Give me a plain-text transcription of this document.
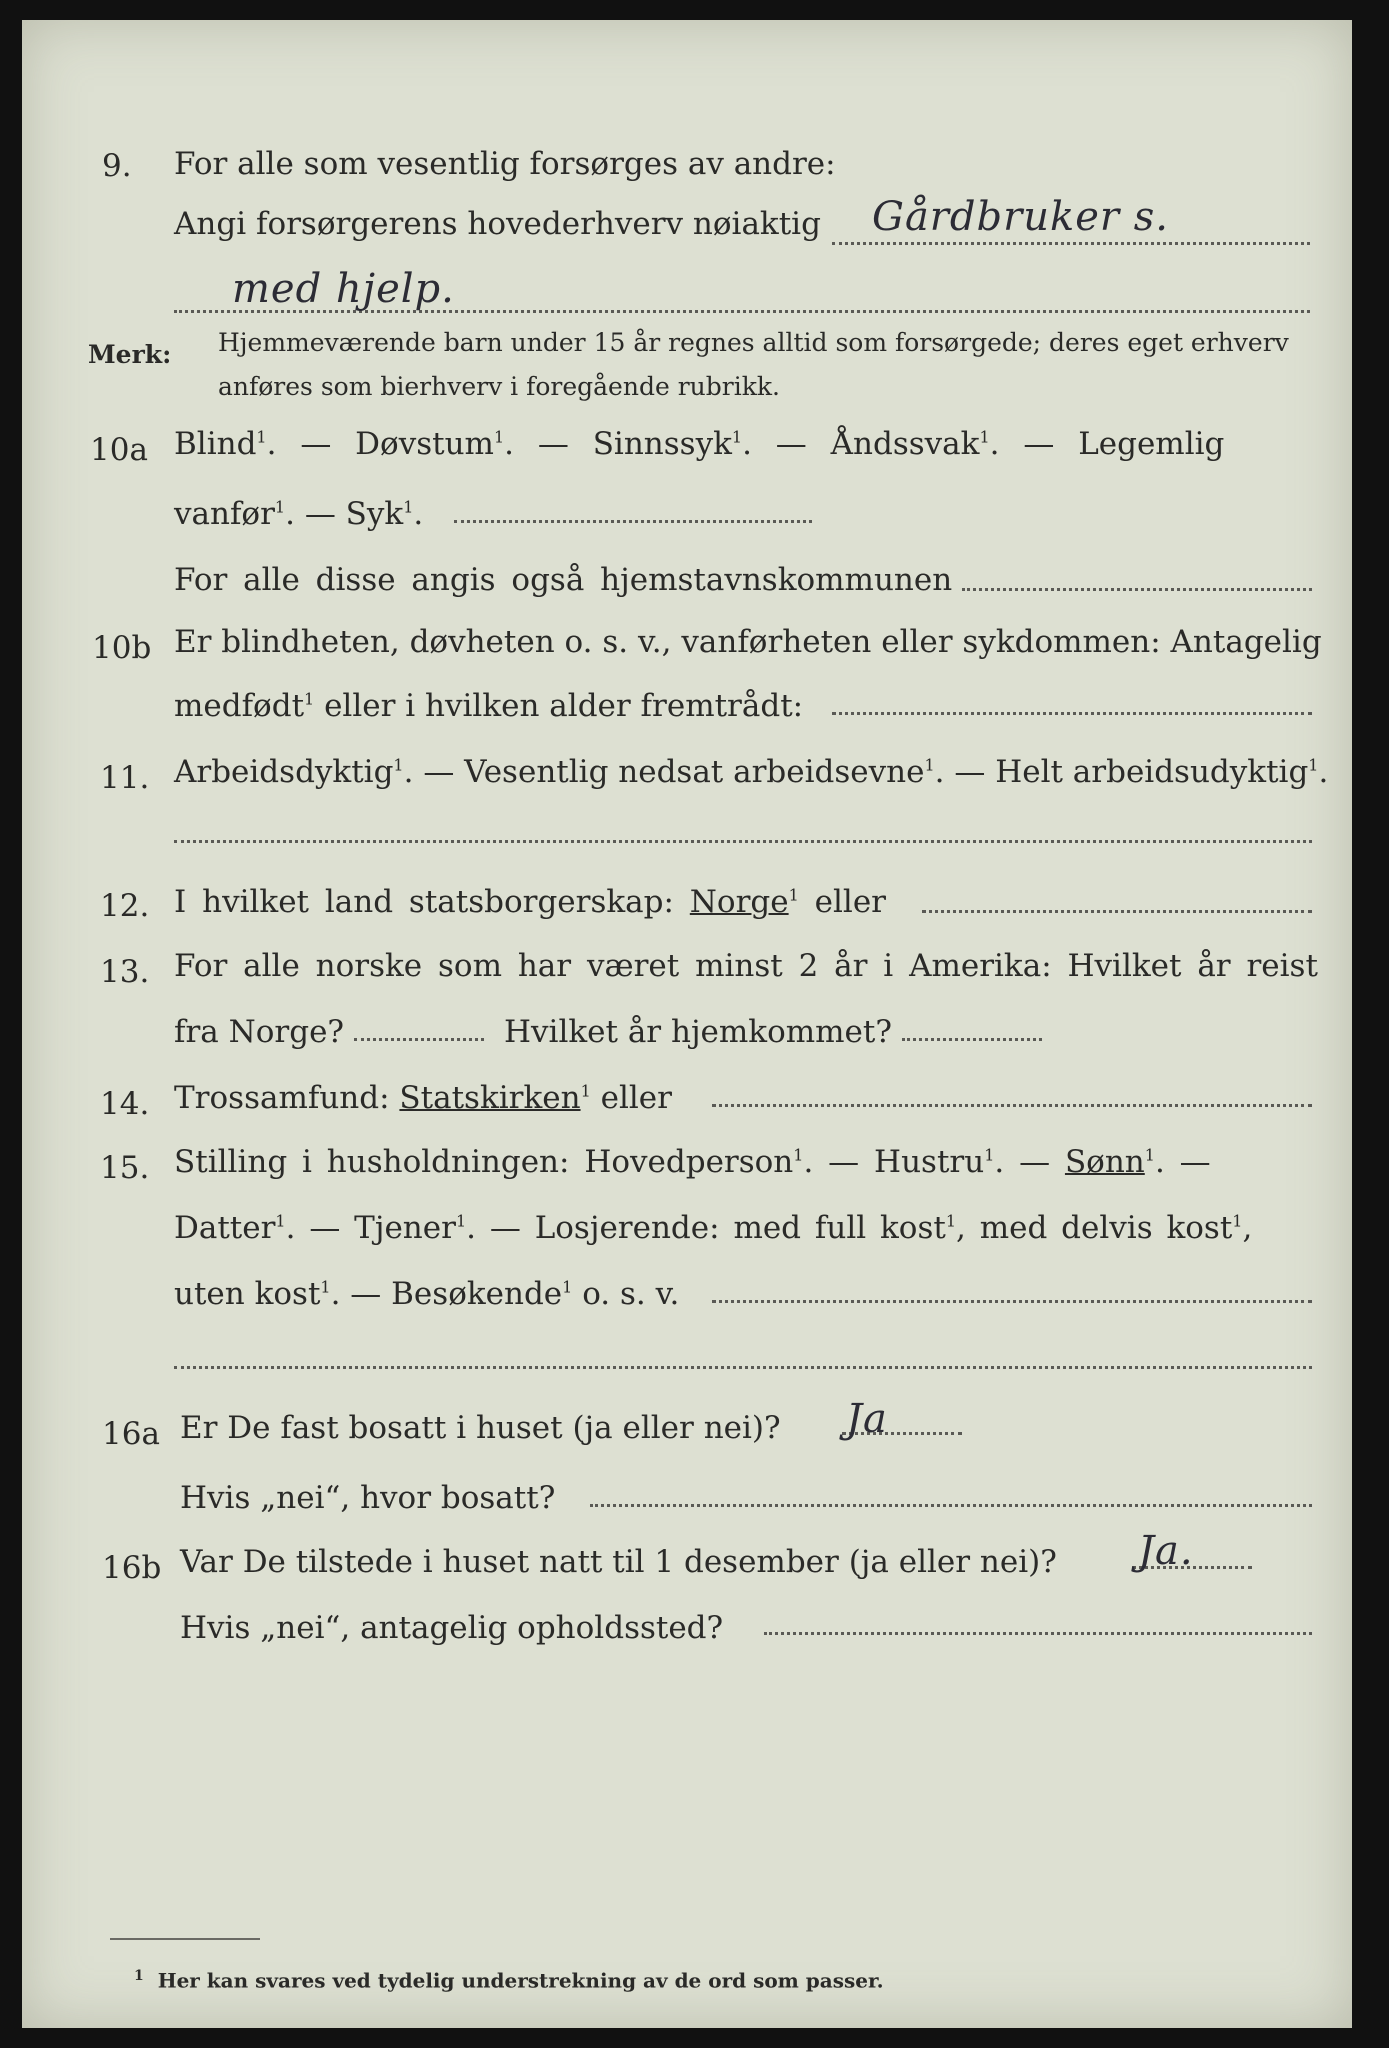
9. For alle som vesentlig forsørges av andre:
Angi forsørgerens hovederhverv nøiaktig Gårdbruker s.
med hjelp.
Merk: Hjemmeværende barn under 15 år regnes alltid som forsørgede; deres eget erhverv
anføres som bierhverv i foregående rubrikk.
10a Blind$^1$. — Døvstum$^1$. — Sinnssyk$^1$. — Åndssvak$^1$. — Legemlig
vanfør$^1$. — Syk$^1$.
For alle disse angis også hjemstavnskommunen
10b Er blindheten, døvheten o. s. v., vanførheten eller sykdommen: Antagelig
medfødt$^1$ eller i hvilken alder fremtrådt:
11. Arbeidsdyktig$^1$. — Vesentlig nedsat arbeidsevne$^1$. — Helt arbeidsudyktig$^1$.
12. I hvilket land statsborgerskap: Norge$^1$ eller
13. For alle norske som har været minst 2 år i Amerika: Hvilket år reist
fra Norge?	Hvilket år hjemkommet?
14. Trossamfund: Statskirken$^1$ eller
15. Stilling i husholdningen: Hovedperson$^1$. — Hustru$^1$. — Sønn$^1$. —
Datter$^1$. — Tjener$^1$. — Losjerende: med full kost$^1$, med delvis kost$^1$,
uten kost$^1$. — Besøkende$^1$ o. s. v.
16a Er De fast bosatt i huset (ja eller nei)? Ja
Hvis „nei“, hvor bosatt?
16b Var De tilstede i huset natt til 1 desember (ja eller nei)? Ja.
Hvis „nei“, antagelig opholdssted?
$^1$ Her kan svares ved tydelig understrekning av de ord som passer.
